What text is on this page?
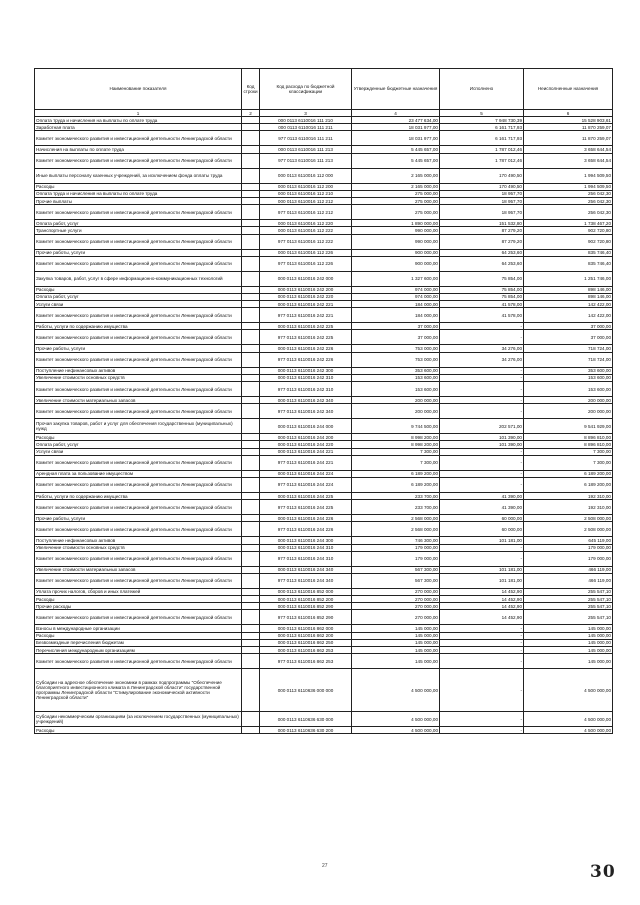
Наименование показателя	Код строки	Код расхода по бюджетной классификации	Утвержденные бюджетные назначения	Исполнено	Неисполненные назначения
1	2	3	4	5	6
Оплата труда и начисления на выплаты по оплате труда		000 0113 6110016 111 210	23 477 634,00	7 948 730,39	15 528 903,61
Заработная плата		000 0113 6110016 111 211	18 031 977,00	6 161 717,93	11 870 259,07
Комитет экономического развития и инвестиционной деятельности Ленинградской области		977 0113 6110016 111 211	18 031 977,00	6 161 717,93	11 870 259,07
Начисления на выплаты по оплате труда		000 0113 6110016 111 213	5 445 657,00	1 787 012,46	3 658 644,54
Комитет экономического развития и инвестиционной деятельности Ленинградской области		977 0113 6110016 111 213	5 445 657,00	1 787 012,46	3 658 644,54
Иные выплаты персоналу казенных учреждений, за исключением фонда оплаты труда		000 0113 6110016 112 000	2 165 000,00	170 490,50	1 994 509,50
Расходы		000 0113 6110016 112 200	2 165 000,00	170 490,50	1 994 509,50
Оплата труда и начисления на выплаты по оплате труда		000 0113 6110016 112 210	275 000,00	18 957,70	256 042,30
Прочие выплаты		000 0113 6110016 112 212	275 000,00	18 957,70	256 042,30
Комитет экономического развития и инвестиционной деятельности Ленинградской области		977 0113 6110016 112 212	275 000,00	18 957,70	256 042,30
Оплата работ, услуг		000 0113 6110016 112 220	1 890 000,00	151 532,80	1 738 467,20
Транспортные услуги		000 0113 6110016 112 222	990 000,00	87 279,20	902 720,80
Комитет экономического развития и инвестиционной деятельности Ленинградской области		977 0113 6110016 112 222	990 000,00	87 279,20	902 720,80
Прочие работы, услуги		000 0113 6110016 112 226	900 000,00	64 253,60	835 746,40
Комитет экономического развития и инвестиционной деятельности Ленинградской области		977 0113 6110016 112 226	900 000,00	64 253,60	835 746,40
Закупка товаров, работ, услуг в сфере информационно-коммуникационных технологий		000 0113 6110016 242 000	1 327 600,00	75 854,00	1 251 746,00
Расходы		000 0113 6110016 242 200	974 000,00	75 854,00	898 146,00
Оплата работ, услуг		000 0113 6110016 242 220	974 000,00	75 854,00	898 146,00
Услуги связи		000 0113 6110016 242 221	184 000,00	41 578,00	142 422,00
Комитет экономического развития и инвестиционной деятельности Ленинградской области		977 0113 6110016 242 221	184 000,00	41 578,00	142 422,00
Работы, услуги по содержанию имущества		000 0113 6110016 242 225	37 000,00	-	37 000,00
Комитет экономического развития и инвестиционной деятельности Ленинградской области		977 0113 6110016 242 225	37 000,00	-	37 000,00
Прочие работы, услуги		000 0113 6110016 242 226	753 000,00	34 276,00	718 724,00
Комитет экономического развития и инвестиционной деятельности Ленинградской области		977 0113 6110016 242 226	753 000,00	34 276,00	718 724,00
Поступление нефинансовых активов		000 0113 6110016 242 300	353 600,00	-	353 600,00
Увеличение стоимости основных средств		000 0113 6110016 242 310	153 600,00	-	153 600,00
Комитет экономического развития и инвестиционной деятельности Ленинградской области		977 0113 6110016 242 310	153 600,00	-	153 600,00
Увеличение стоимости материальных запасов		000 0113 6110016 242 340	200 000,00	-	200 000,00
Комитет экономического развития и инвестиционной деятельности Ленинградской области		977 0113 6110016 242 340	200 000,00	-	200 000,00
Прочая закупка товаров, работ и услуг для обеспечения государственных (муниципальных) нужд		000 0113 6110016 244 000	9 744 500,00	202 571,00	9 541 929,00
Расходы		000 0113 6110016 244 200	8 998 200,00	101 390,00	8 896 810,00
Оплата работ, услуг		000 0113 6110016 244 220	8 998 200,00	101 390,00	8 896 810,00
Услуги связи		000 0113 6110016 244 221	7 300,00	-	7 300,00
Комитет экономического развития и инвестиционной деятельности Ленинградской области		977 0113 6110016 244 221	7 300,00	-	7 300,00
Арендная плата за пользование имуществом		000 0113 6110016 244 224	6 189 200,00	-	6 189 200,00
Комитет экономического развития и инвестиционной деятельности Ленинградской области		977 0113 6110016 244 224	6 189 200,00	-	6 189 200,00
Работы, услуги по содержанию имущества		000 0113 6110016 244 225	233 700,00	41 390,00	192 310,00
Комитет экономического развития и инвестиционной деятельности Ленинградской области		977 0113 6110016 244 225	233 700,00	41 390,00	192 310,00
Прочие работы, услуги		000 0113 6110016 244 226	2 568 000,00	60 000,00	2 508 000,00
Комитет экономического развития и инвестиционной деятельности Ленинградской области		977 0113 6110016 244 226	2 568 000,00	60 000,00	2 508 000,00
Поступление нефинансовых активов		000 0113 6110016 244 300	746 300,00	101 181,00	645 119,00
Увеличение стоимости основных средств		000 0113 6110016 244 310	179 000,00	-	179 000,00
Комитет экономического развития и инвестиционной деятельности Ленинградской области		977 0113 6110016 244 310	179 000,00	-	179 000,00
Увеличение стоимости материальных запасов		000 0113 6110016 244 340	567 300,00	101 181,00	466 119,00
Комитет экономического развития и инвестиционной деятельности Ленинградской области		977 0113 6110016 244 340	567 300,00	101 181,00	466 119,00
Уплата прочих налогов, сборов и иных платежей		000 0113 6110016 852 000	270 000,00	14 452,90	255 547,10
Расходы		000 0113 6110016 852 200	270 000,00	14 452,90	255 547,10
Прочие расходы		000 0113 6110016 852 290	270 000,00	14 452,90	255 547,10
Комитет экономического развития и инвестиционной деятельности Ленинградской области		977 0113 6110016 852 290	270 000,00	14 452,90	255 547,10
Взносы в международные организации		000 0113 6110016 862 000	145 000,00	-	145 000,00
Расходы		000 0113 6110016 862 200	145 000,00	-	145 000,00
Безвозмездные перечисления бюджетам		000 0113 6110016 862 250	145 000,00	-	145 000,00
Перечисления международным организациям		000 0113 6110016 862 253	145 000,00	-	145 000,00
Комитет экономического развития и инвестиционной деятельности Ленинградской области		977 0113 6110016 862 253	145 000,00	-	145 000,00
Субсидии на адресное обеспечение экономики в рамках подпрограммы "Обеспечение благоприятного инвестиционного климата в Ленинградской области" государственной программы Ленинградской области "Стимулирование экономической активности Ленинградской области"		000 0113 6110636 000 000	4 500 000,00	-	4 500 000,00
Субсидии некоммерческим организациям (за исключением государственных (муниципальных) учреждений)		000 0113 6110636 630 000	4 500 000,00	-	4 500 000,00
Расходы		000 0113 6110636 630 200	4 500 000,00	-	4 500 000,00
27	30
